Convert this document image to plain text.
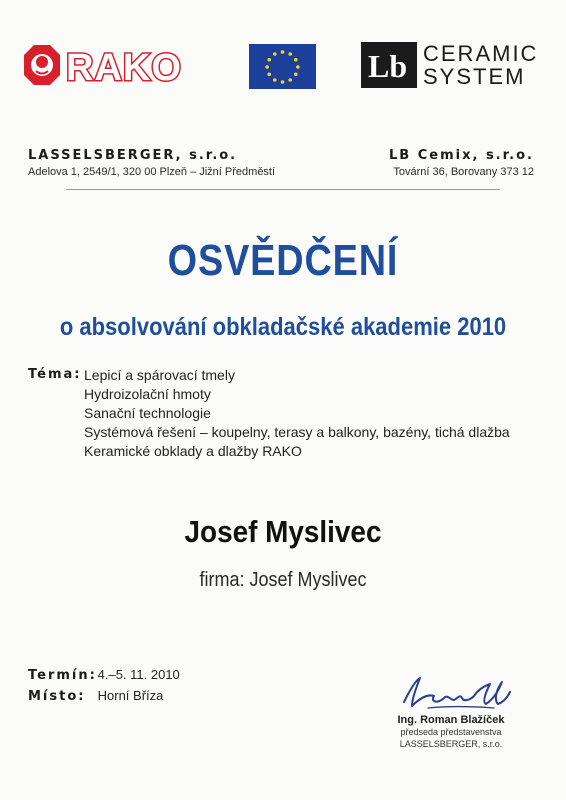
RAKO	Lb CERAMIC
SYSTEM
LASSELSBERGER, s.r.o.
Adelova 1, 2549/1, 320 00 Plzeň – Jižní Předměstí
LB Cemix, s.r.o.
Tovární 36, Borovany 373 12
OSVĚDČENÍ
o absolvování obkladačské akademie 2010
Téma: Lepicí a spárovací tmely
Hydroizolační hmoty
Sanační technologie
Systémová řešení – koupelny, terasy a balkony, bazény, tichá dlažba
Keramické obklady a dlažby RAKO
Josef Myslivec
firma: Josef Myslivec
Termín: 4.–5. 11. 2010
Místo: Horní Bříza
Ing. Roman Blažíček
předseda představenstva
LASSELSBERGER, s.r.o.
